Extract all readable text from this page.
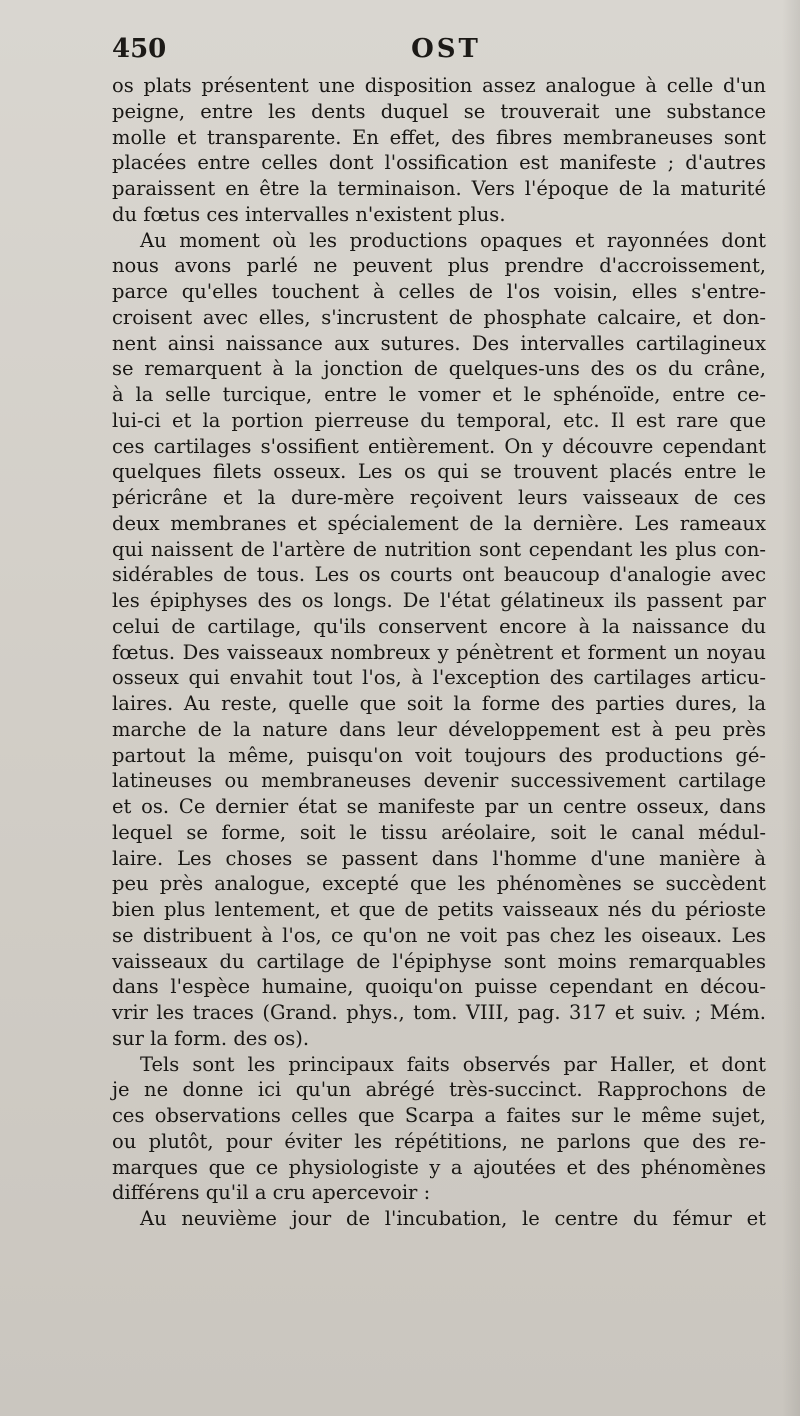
450	OST
os plats présentent une disposition assez analogue à celle d'un
peigne, entre les dents duquel se trouverait une substance
molle et transparente. En effet, des fibres membraneuses sont
placées entre celles dont l'ossification est manifeste ; d'autres
paraissent en être la terminaison. Vers l'époque de la maturité
du fœtus ces intervalles n'existent plus.
Au moment où les productions opaques et rayonnées dont
nous avons parlé ne peuvent plus prendre d'accroissement,
parce qu'elles touchent à celles de l'os voisin, elles s'entre-
croisent avec elles, s'incrustent de phosphate calcaire, et don-
nent ainsi naissance aux sutures. Des intervalles cartilagineux
se remarquent à la jonction de quelques-uns des os du crâne,
à la selle turcique, entre le vomer et le sphénoïde, entre ce-
lui-ci et la portion pierreuse du temporal, etc. Il est rare que
ces cartilages s'ossifient entièrement. On y découvre cependant
quelques filets osseux. Les os qui se trouvent placés entre le
péricrâne et la dure-mère reçoivent leurs vaisseaux de ces
deux membranes et spécialement de la dernière. Les rameaux
qui naissent de l'artère de nutrition sont cependant les plus con-
sidérables de tous. Les os courts ont beaucoup d'analogie avec
les épiphyses des os longs. De l'état gélatineux ils passent par
celui de cartilage, qu'ils conservent encore à la naissance du
fœtus. Des vaisseaux nombreux y pénètrent et forment un noyau
osseux qui envahit tout l'os, à l'exception des cartilages articu-
laires. Au reste, quelle que soit la forme des parties dures, la
marche de la nature dans leur développement est à peu près
partout la même, puisqu'on voit toujours des productions gé-
latineuses ou membraneuses devenir successivement cartilage
et os. Ce dernier état se manifeste par un centre osseux, dans
lequel se forme, soit le tissu aréolaire, soit le canal médul-
laire. Les choses se passent dans l'homme d'une manière à
peu près analogue, excepté que les phénomènes se succèdent
bien plus lentement, et que de petits vaisseaux nés du périoste
se distribuent à l'os, ce qu'on ne voit pas chez les oiseaux. Les
vaisseaux du cartilage de l'épiphyse sont moins remarquables
dans l'espèce humaine, quoiqu'on puisse cependant en décou-
vrir les traces (Grand. phys., tom. VIII, pag. 317 et suiv. ; Mém.
sur la form. des os).
Tels sont les principaux faits observés par Haller, et dont
je ne donne ici qu'un abrégé très-succinct. Rapprochons de
ces observations celles que Scarpa a faites sur le même sujet,
ou plutôt, pour éviter les répétitions, ne parlons que des re-
marques que ce physiologiste y a ajoutées et des phénomènes
différens qu'il a cru apercevoir :
Au neuvième jour de l'incubation, le centre du fémur et
